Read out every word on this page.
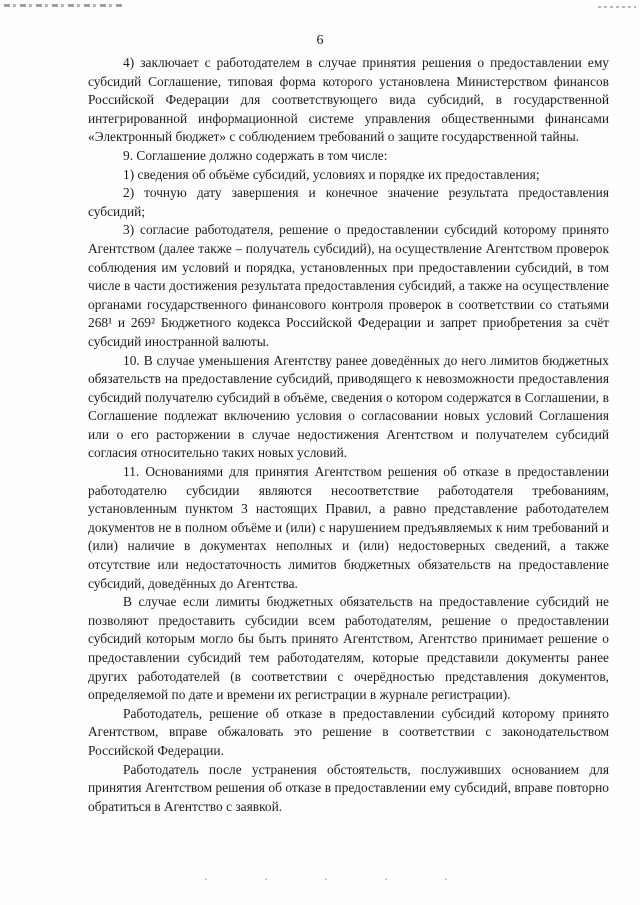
6

4) заключает с работодателем в случае принятия решения о предоставлении ему субсидий Соглашение, типовая форма которого установлена Министерством финансов Российской Федерации для соответствующего вида субсидий, в государственной интегрированной информационной системе управления общественными финансами «Электронный бюджет» с соблюдением требований о защите государственной тайны.

9. Соглашение должно содержать в том числе:

1) сведения об объёме субсидий, условиях и порядке их предоставления;

2) точную дату завершения и конечное значение результата предоставления субсидий;

3) согласие работодателя, решение о предоставлении субсидий которому принято Агентством (далее также – получатель субсидий), на осуществление Агентством проверок соблюдения им условий и порядка, установленных при предоставлении субсидий, в том числе в части достижения результата предоставления субсидий, а также на осуществление органами государственного финансового контроля проверок в соответствии со статьями 268¹ и 269² Бюджетного кодекса Российской Федерации и запрет приобретения за счёт субсидий иностранной валюты.

10. В случае уменьшения Агентству ранее доведённых до него лимитов бюджетных обязательств на предоставление субсидий, приводящего к невозможности предоставления субсидий получателю субсидий в объёме, сведения о котором содержатся в Соглашении, в Соглашение подлежат включению условия о согласовании новых условий Соглашения или о его расторжении в случае недостижения Агентством и получателем субсидий согласия относительно таких новых условий.

11. Основаниями для принятия Агентством решения об отказе в предоставлении работодателю субсидии являются несоответствие работодателя требованиям, установленным пунктом 3 настоящих Правил, а равно представление работодателем документов не в полном объёме и (или) с нарушением предъявляемых к ним требований и (или) наличие в документах неполных и (или) недостоверных сведений, а также отсутствие или недостаточность лимитов бюджетных обязательств на предоставление субсидий, доведённых до Агентства.

В случае если лимиты бюджетных обязательств на предоставление субсидий не позволяют предоставить субсидии всем работодателям, решение о предоставлении субсидий которым могло бы быть принято Агентством, Агентство принимает решение о предоставлении субсидий тем работодателям, которые представили документы ранее других работодателей (в соответствии с очерёдностью представления документов, определяемой по дате и времени их регистрации в журнале регистрации).

Работодатель, решение об отказе в предоставлении субсидий которому принято Агентством, вправе обжаловать это решение в соответствии с законодательством Российской Федерации.

Работодатель после устранения обстоятельств, послуживших основанием для принятия Агентством решения об отказе в предоставлении ему субсидий, вправе повторно обратиться в Агентство с заявкой.
